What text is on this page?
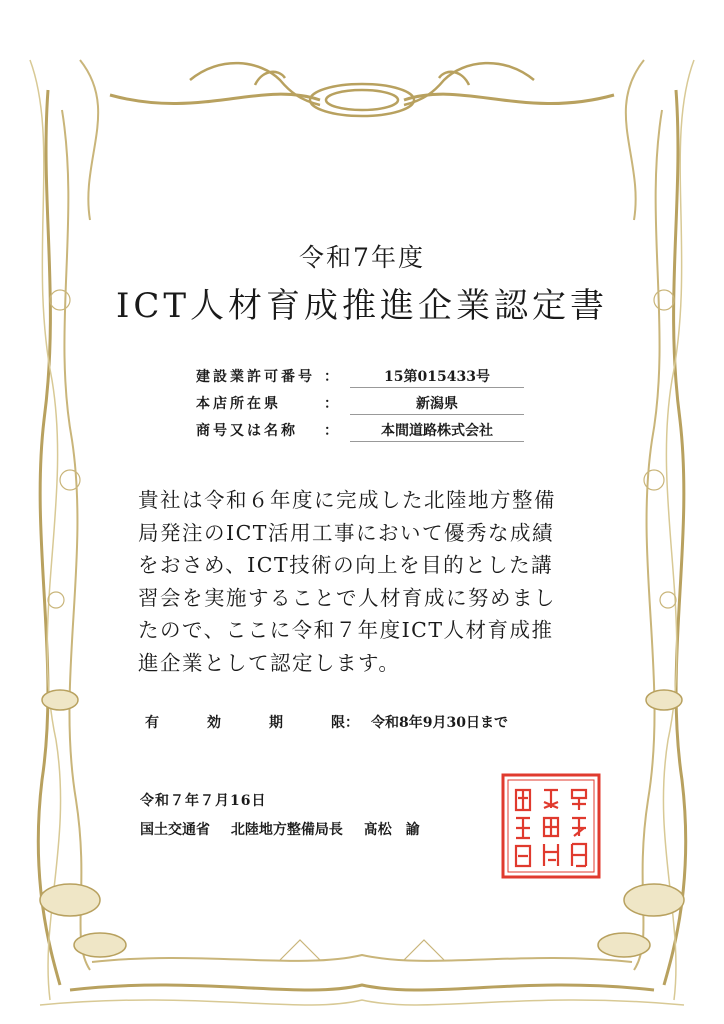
令和7年度
ICT人材育成推進企業認定書
建設業許可番号 ：	15第015433号
本店所在県	：	新潟県
商号又は名称	：	本間道路株式会社

貴社は令和６年度に完成した北陸地方整備

局発注のICT活用工事において優秀な成績

をおさめ、ICT技術の向上を目的とした講

習会を実施することで人材育成に努めまし

たので、ここに令和７年度ICT人材育成推

進企業として認定します。

有	効	期	限 ： 令和8年9月30日まで
令和７年７月16日
国土交通省 北陸地方整備局長 髙松　諭
